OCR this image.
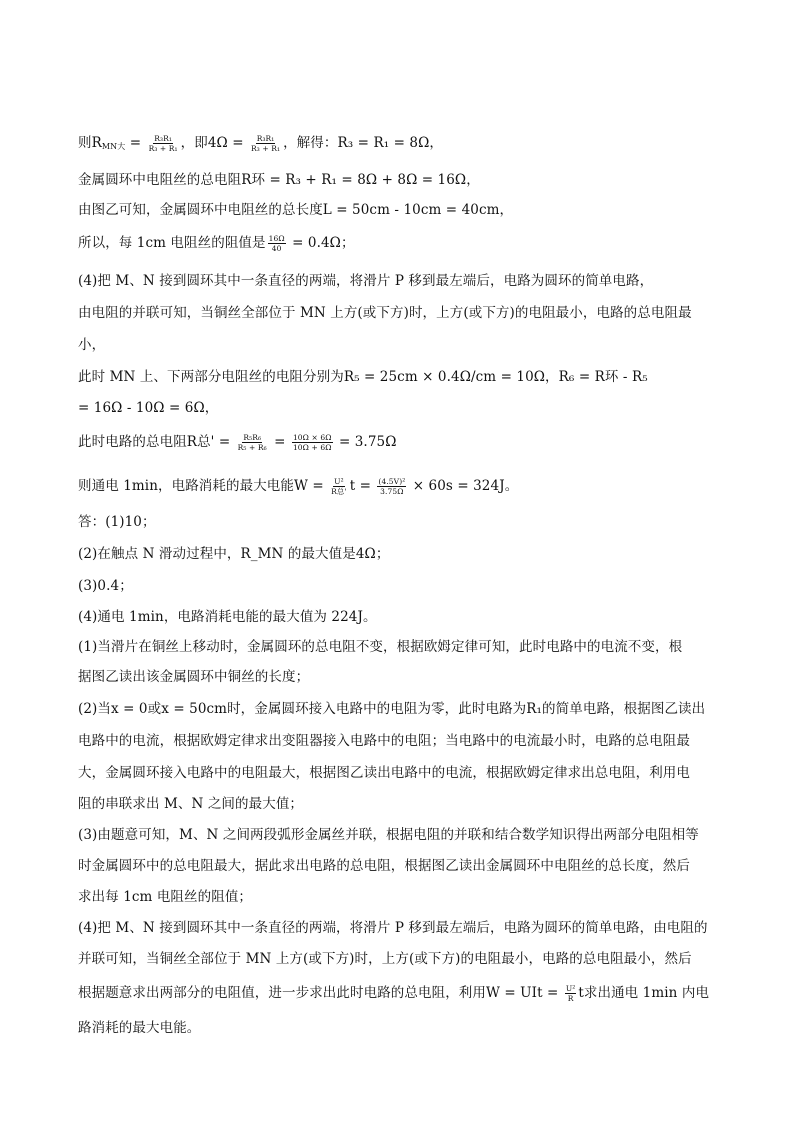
则$R_{MN大} = \frac{\text{R₃R₁}}{\text{R₃ + R₁}}$ ，即$4\Omega = \frac{\text{R₃R₁}}{\text{R₃ + R₁}}$ ，解得：R₃ = R₁ = 8Ω，
金属圆环中电阻丝的总电阻R环 = R₃ + R₁ = 8Ω + 8Ω = 16Ω，
由图乙可知，金属圆环中电阻丝的总长度L = 50cm - 10cm = 40cm，
所以，每 1cm 电阻丝的阻值是 $\frac{16\Omega}{40} = 0.4\Omega$；
(4)把 M、N 接到圆环其中一条直径的两端，将滑片 P 移到最左端后，电路为圆环的简单电路，
由电阻的并联可知，当铜丝全部位于 MN 上方(或下方)时，上方(或下方)的电阻最小，电路的总电阻最
小，
此时 MN 上、下两部分电阻丝的电阻分别为R₅ = 25cm × 0.4Ω/cm = 10Ω，R₆ = R环 - R₅
= 16Ω - 10Ω = 6Ω，
此时电路的总电阻R总' = $\frac{\text{R₅R₆}}{\text{R₅ + R₆}} = \frac{10\Omega \times 6\Omega}{10\Omega + 6\Omega} = 3.75\Omega$
则通电 1min，电路消耗的最大电能$W = \frac{\text{U²}}{\text{R总'}}$ $t = \frac{\text{(4.5V)²}}{3.75\Omega} \times 60s = 324J$。
答：(1)10；
(2)在触点 N 滑动过程中，R_MN 的最大值是4Ω；
(3)0.4；
(4)通电 1min，电路消耗电能的最大值为 224J。
(1)当滑片在铜丝上移动时，金属圆环的总电阻不变，根据欧姆定律可知，此时电路中的电流不变，根
据图乙读出该金属圆环中铜丝的长度；
(2)当x = 0或x = 50cm时，金属圆环接入电路中的电阻为零，此时电路为R₁的简单电路，根据图乙读出
电路中的电流，根据欧姆定律求出变阻器接入电路中的电阻；当电路中的电流最小时，电路的总电阻最
大，金属圆环接入电路中的电阻最大，根据图乙读出电路中的电流，根据欧姆定律求出总电阻，利用电
阻的串联求出 M、N 之间的最大值；
(3)由题意可知，M、N 之间两段弧形金属丝并联，根据电阻的并联和结合数学知识得出两部分电阻相等
时金属圆环中的总电阻最大，据此求出电路的总电阻，根据图乙读出金属圆环中电阻丝的总长度，然后
求出每 1cm 电阻丝的阻值；
(4)把 M、N 接到圆环其中一条直径的两端，将滑片 P 移到最左端后，电路为圆环的简单电路，由电阻的
并联可知，当铜丝全部位于 MN 上方(或下方)时，上方(或下方)的电阻最小，电路的总电阻最小，然后
根据题意求出两部分的电阻值，进一步求出此时电路的总电阻，利用W = UIt = $\frac{\text{U²}}{R}$ t求出通电 1min 内电
路消耗的最大电能。
